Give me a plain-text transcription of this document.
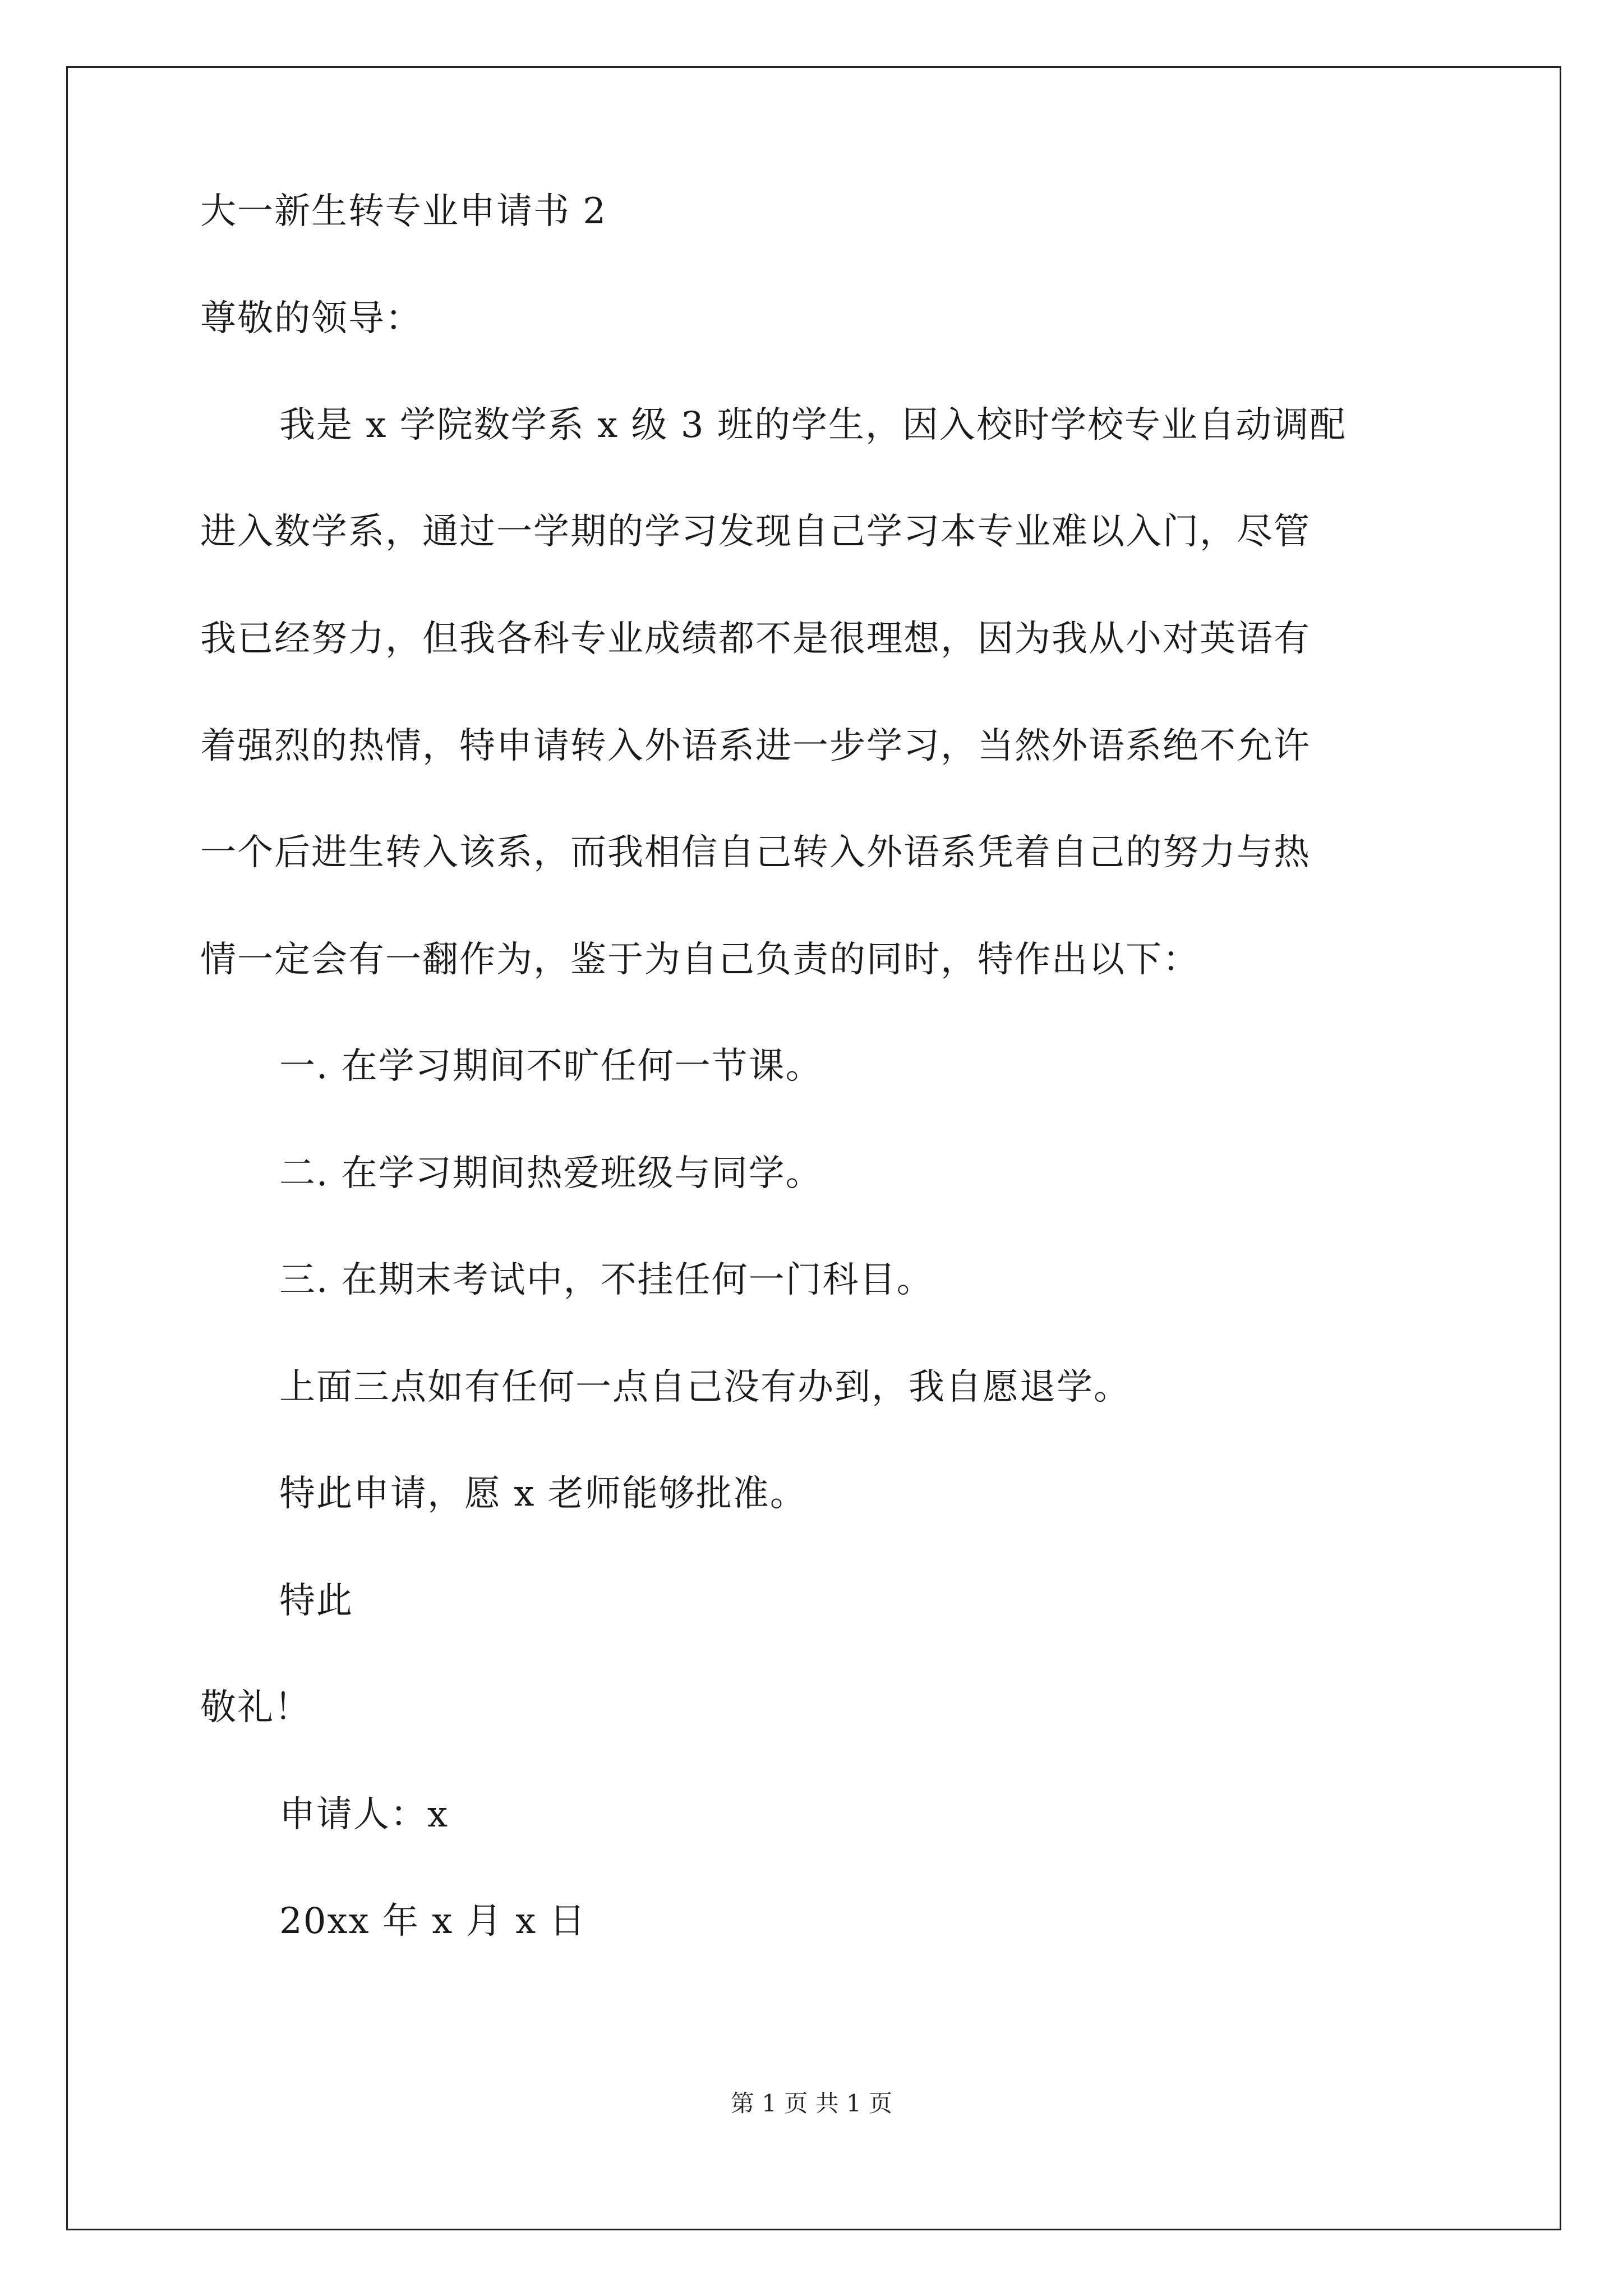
大一新生转专业申请书 2
尊敬的领导：
我是 x 学院数学系 x 级 3 班的学生，因入校时学校专业自动调配
进入数学系，通过一学期的学习发现自己学习本专业难以入门，尽管
我已经努力，但我各科专业成绩都不是很理想，因为我从小对英语有
着强烈的热情，特申请转入外语系进一步学习，当然外语系绝不允许
一个后进生转入该系，而我相信自己转入外语系凭着自己的努力与热
情一定会有一翻作为，鉴于为自己负责的同时，特作出以下：
一. 在学习期间不旷任何一节课。
二. 在学习期间热爱班级与同学。
三. 在期末考试中，不挂任何一门科目。
上面三点如有任何一点自己没有办到，我自愿退学。
特此申请，愿 x 老师能够批准。
特此
敬礼！
申请人：x
20xx 年 x 月 x 日
第 1 页 共 1 页
